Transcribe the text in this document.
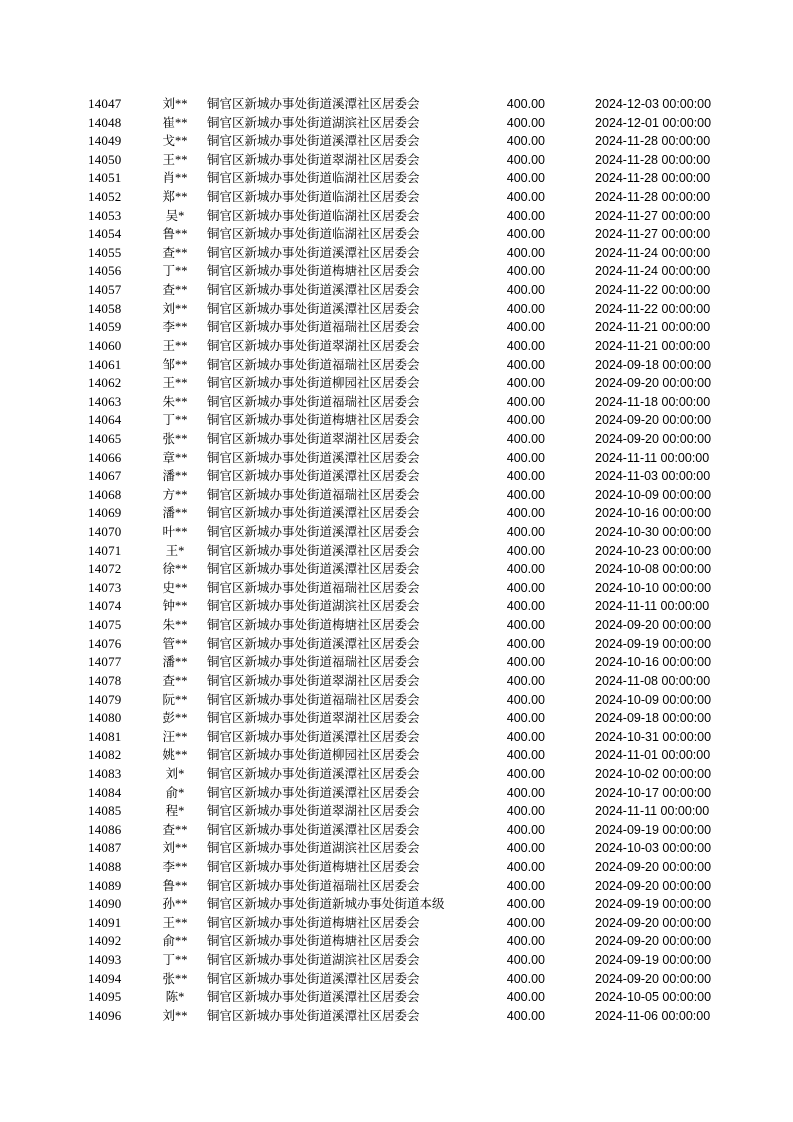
14047	刘**	铜官区新城办事处街道溪潭社区居委会	400.00	2024-12-03 00:00:00
14048	崔**	铜官区新城办事处街道湖滨社区居委会	400.00	2024-12-01 00:00:00
14049	戈**	铜官区新城办事处街道溪潭社区居委会	400.00	2024-11-28 00:00:00
14050	王**	铜官区新城办事处街道翠湖社区居委会	400.00	2024-11-28 00:00:00
14051	肖**	铜官区新城办事处街道临湖社区居委会	400.00	2024-11-28 00:00:00
14052	郑**	铜官区新城办事处街道临湖社区居委会	400.00	2024-11-28 00:00:00
14053	吴*	铜官区新城办事处街道临湖社区居委会	400.00	2024-11-27 00:00:00
14054	鲁**	铜官区新城办事处街道临湖社区居委会	400.00	2024-11-27 00:00:00
14055	查**	铜官区新城办事处街道溪潭社区居委会	400.00	2024-11-24 00:00:00
14056	丁**	铜官区新城办事处街道梅塘社区居委会	400.00	2024-11-24 00:00:00
14057	查**	铜官区新城办事处街道溪潭社区居委会	400.00	2024-11-22 00:00:00
14058	刘**	铜官区新城办事处街道溪潭社区居委会	400.00	2024-11-22 00:00:00
14059	李**	铜官区新城办事处街道福瑞社区居委会	400.00	2024-11-21 00:00:00
14060	王**	铜官区新城办事处街道翠湖社区居委会	400.00	2024-11-21 00:00:00
14061	邹**	铜官区新城办事处街道福瑞社区居委会	400.00	2024-09-18 00:00:00
14062	王**	铜官区新城办事处街道柳园社区居委会	400.00	2024-09-20 00:00:00
14063	朱**	铜官区新城办事处街道福瑞社区居委会	400.00	2024-11-18 00:00:00
14064	丁**	铜官区新城办事处街道梅塘社区居委会	400.00	2024-09-20 00:00:00
14065	张**	铜官区新城办事处街道翠湖社区居委会	400.00	2024-09-20 00:00:00
14066	章**	铜官区新城办事处街道溪潭社区居委会	400.00	2024-11-11 00:00:00
14067	潘**	铜官区新城办事处街道溪潭社区居委会	400.00	2024-11-03 00:00:00
14068	方**	铜官区新城办事处街道福瑞社区居委会	400.00	2024-10-09 00:00:00
14069	潘**	铜官区新城办事处街道溪潭社区居委会	400.00	2024-10-16 00:00:00
14070	叶**	铜官区新城办事处街道溪潭社区居委会	400.00	2024-10-30 00:00:00
14071	王*	铜官区新城办事处街道溪潭社区居委会	400.00	2024-10-23 00:00:00
14072	徐**	铜官区新城办事处街道溪潭社区居委会	400.00	2024-10-08 00:00:00
14073	史**	铜官区新城办事处街道福瑞社区居委会	400.00	2024-10-10 00:00:00
14074	钟**	铜官区新城办事处街道湖滨社区居委会	400.00	2024-11-11 00:00:00
14075	朱**	铜官区新城办事处街道梅塘社区居委会	400.00	2024-09-20 00:00:00
14076	管**	铜官区新城办事处街道溪潭社区居委会	400.00	2024-09-19 00:00:00
14077	潘**	铜官区新城办事处街道福瑞社区居委会	400.00	2024-10-16 00:00:00
14078	查**	铜官区新城办事处街道翠湖社区居委会	400.00	2024-11-08 00:00:00
14079	阮**	铜官区新城办事处街道福瑞社区居委会	400.00	2024-10-09 00:00:00
14080	彭**	铜官区新城办事处街道翠湖社区居委会	400.00	2024-09-18 00:00:00
14081	汪**	铜官区新城办事处街道溪潭社区居委会	400.00	2024-10-31 00:00:00
14082	姚**	铜官区新城办事处街道柳园社区居委会	400.00	2024-11-01 00:00:00
14083	刘*	铜官区新城办事处街道溪潭社区居委会	400.00	2024-10-02 00:00:00
14084	俞*	铜官区新城办事处街道溪潭社区居委会	400.00	2024-10-17 00:00:00
14085	程*	铜官区新城办事处街道翠湖社区居委会	400.00	2024-11-11 00:00:00
14086	查**	铜官区新城办事处街道溪潭社区居委会	400.00	2024-09-19 00:00:00
14087	刘**	铜官区新城办事处街道湖滨社区居委会	400.00	2024-10-03 00:00:00
14088	李**	铜官区新城办事处街道梅塘社区居委会	400.00	2024-09-20 00:00:00
14089	鲁**	铜官区新城办事处街道福瑞社区居委会	400.00	2024-09-20 00:00:00
14090	孙**	铜官区新城办事处街道新城办事处街道本级	400.00	2024-09-19 00:00:00
14091	王**	铜官区新城办事处街道梅塘社区居委会	400.00	2024-09-20 00:00:00
14092	俞**	铜官区新城办事处街道梅塘社区居委会	400.00	2024-09-20 00:00:00
14093	丁**	铜官区新城办事处街道湖滨社区居委会	400.00	2024-09-19 00:00:00
14094	张**	铜官区新城办事处街道溪潭社区居委会	400.00	2024-09-20 00:00:00
14095	陈*	铜官区新城办事处街道溪潭社区居委会	400.00	2024-10-05 00:00:00
14096	刘**	铜官区新城办事处街道溪潭社区居委会	400.00	2024-11-06 00:00:00
